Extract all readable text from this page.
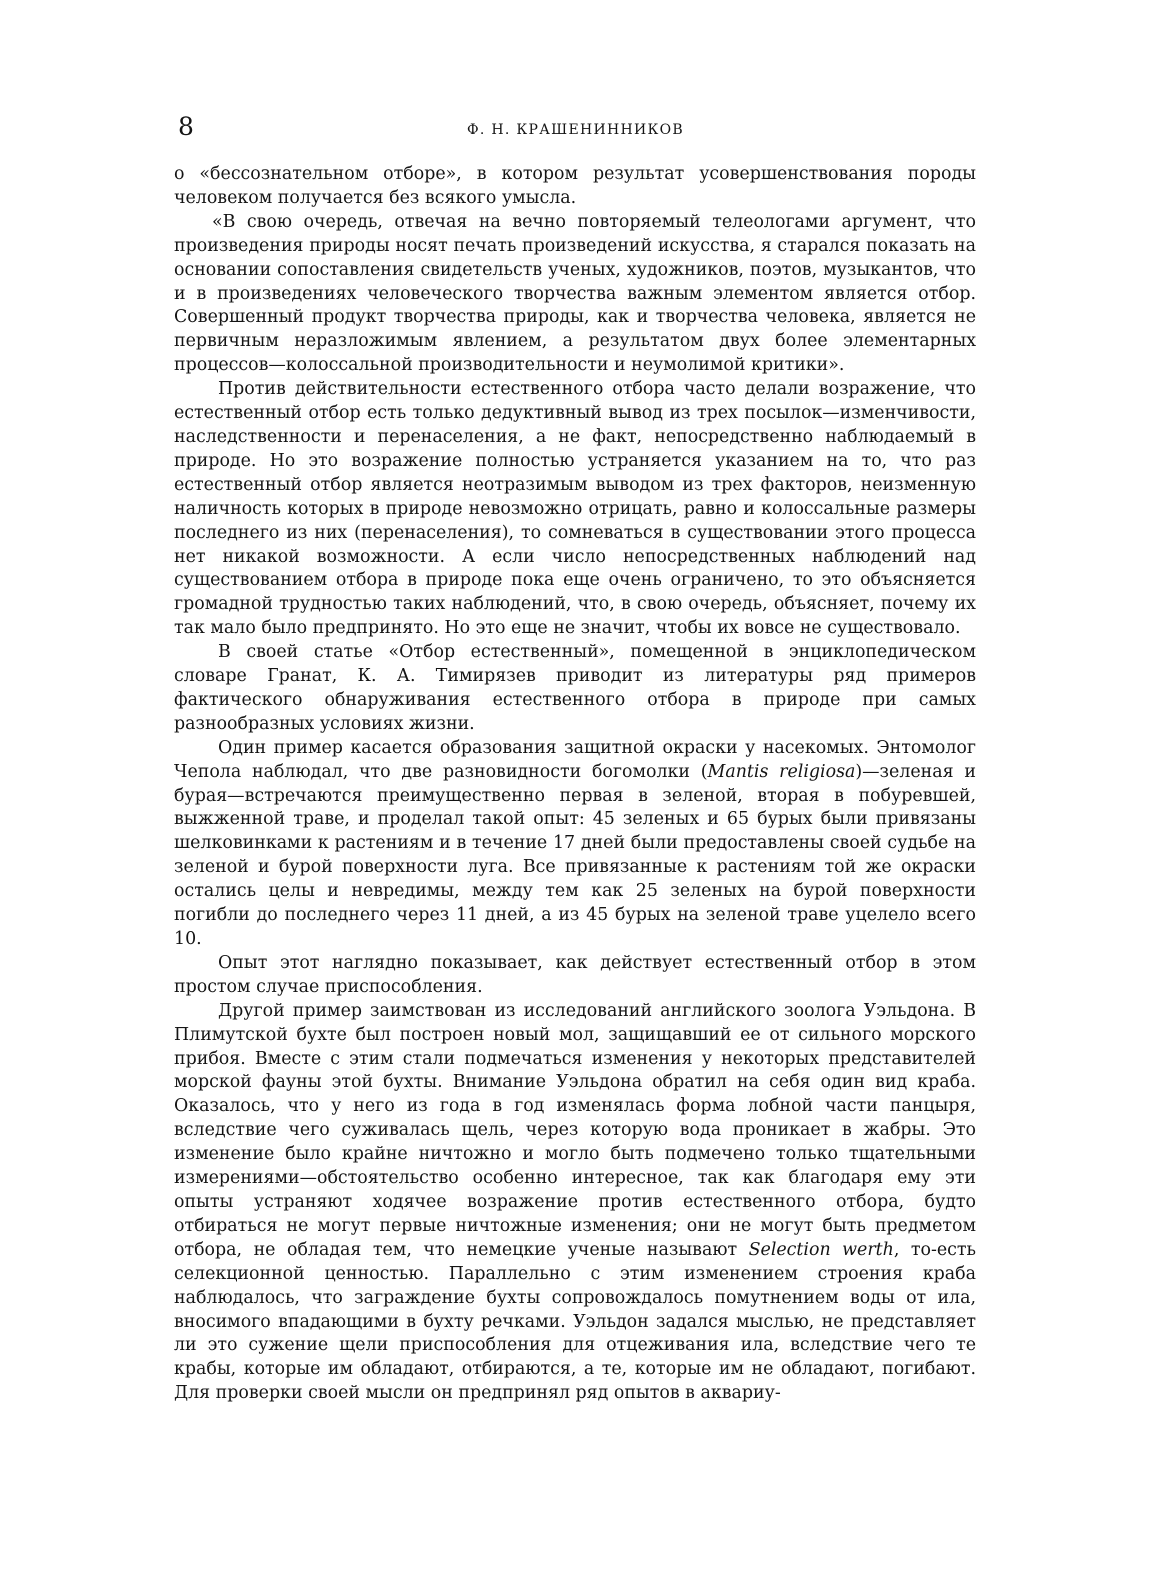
8	Ф. Н. КРАШЕНИННИКОВ

о «бессознательном отборе», в котором результат усовершенствования породы человеком получается без всякого умысла.

«В свою очередь, отвечая на вечно повторяемый телеологами аргумент, что произведения природы носят печать произведений искусства, я старался показать на основании сопоставления свидетельств ученых, художников, поэтов, музыкантов, что и в произведениях человеческого творчества важным элементом является отбор. Совершенный продукт творчества природы, как и творчества человека, является не первичным неразложимым явлением, а результатом двух более элементарных процессов—колоссальной производительности и неумолимой критики».

Против действительности естественного отбора часто делали возражение, что естественный отбор есть только дедуктивный вывод из трех посылок—изменчивости, наследственности и перенаселения, а не факт, непосредственно наблюдаемый в природе. Но это возражение полностью устраняется указанием на то, что раз естественный отбор является неотразимым выводом из трех факторов, неизменную наличность которых в природе невозможно отрицать, равно и колоссальные размеры последнего из них (перенаселения), то сомневаться в существовании этого процесса нет никакой возможности. А если число непосредственных наблюдений над существованием отбора в природе пока еще очень ограничено, то это объясняется громадной трудностью таких наблюдений, что, в свою очередь, объясняет, почему их так мало было предпринято. Но это еще не значит, чтобы их вовсе не существовало.

В своей статье «Отбор естественный», помещенной в энциклопедическом словаре Гранат, К. А. Тимирязев приводит из литературы ряд примеров фактического обнаруживания естественного отбора в природе при самых разнообразных условиях жизни.

Один пример касается образования защитной окраски у насекомых. Энтомолог Чепола наблюдал, что две разновидности богомолки (Mantis religiosa)—зеленая и бурая—встречаются преимущественно первая в зеленой, вторая в побуревшей, выжженной траве, и проделал такой опыт: 45 зеленых и 65 бурых были привязаны шелковинками к растениям и в течение 17 дней были предоставлены своей судьбе на зеленой и бурой поверхности луга. Все привязанные к растениям той же окраски остались целы и невредимы, между тем как 25 зеленых на бурой поверхности погибли до последнего через 11 дней, а из 45 бурых на зеленой траве уцелело всего 10.

Опыт этот наглядно показывает, как действует естественный отбор в этом простом случае приспособления.

Другой пример заимствован из исследований английского зоолога Уэльдона. В Плимутской бухте был построен новый мол, защищавший ее от сильного морского прибоя. Вместе с этим стали подмечаться изменения у некоторых представителей морской фауны этой бухты. Внимание Уэльдона обратил на себя один вид краба. Оказалось, что у него из года в год изменялась форма лобной части панцыря, вследствие чего суживалась щель, через которую вода проникает в жабры. Это изменение было крайне ничтожно и могло быть подмечено только тщательными измерениями—обстоятельство особенно интересное, так как благодаря ему эти опыты устраняют ходячее возражение против естественного отбора, будто отбираться не могут первые ничтожные изменения; они не могут быть предметом отбора, не обладая тем, что немецкие ученые называют Selection werth, то-есть селекционной ценностью. Параллельно с этим изменением строения краба наблюдалось, что заграждение бухты сопровождалось помутнением воды от ила, вносимого впадающими в бухту речками. Уэльдон задался мыслью, не представляет ли это сужение щели приспособления для отцеживания ила, вследствие чего те крабы, которые им обладают, отбираются, а те, которые им не обладают, погибают. Для проверки своей мысли он предпринял ряд опытов в аквариу-
